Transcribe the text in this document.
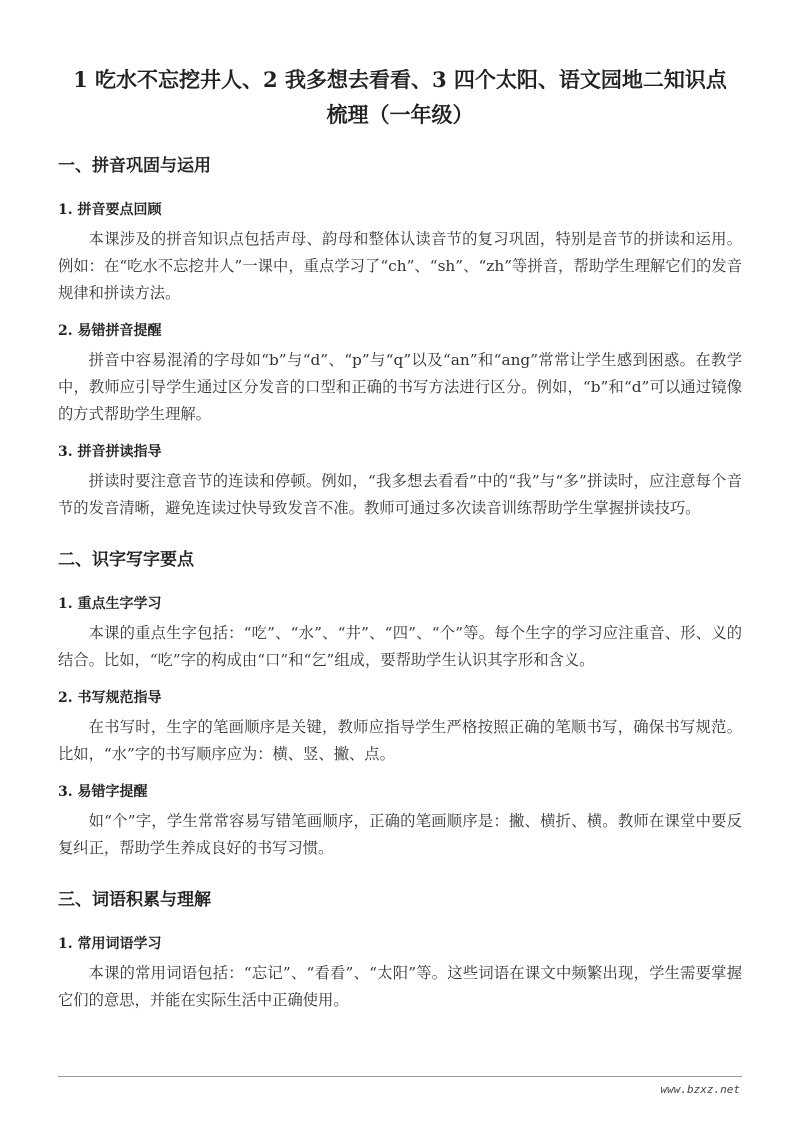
1 吃水不忘挖井人、2 我多想去看看、3 四个太阳、语文园地二知识点
梳理（一年级）
一、拼音巩固与运用
1. 拼音要点回顾
本课涉及的拼音知识点包括声母、韵母和整体认读音节的复习巩固，特别是音节的拼读和运用。例如：在“吃水不忘挖井人”一课中，重点学习了“ch”、“sh”、“zh”等拼音，帮助学生理解它们的发音规律和拼读方法。
2. 易错拼音提醒
拼音中容易混淆的字母如“b”与“d”、“p”与“q”以及“an”和“ang”常常让学生感到困惑。在教学中，教师应引导学生通过区分发音的口型和正确的书写方法进行区分。例如，“b”和“d”可以通过镜像的方式帮助学生理解。
3. 拼音拼读指导
拼读时要注意音节的连读和停顿。例如，“我多想去看看”中的“我”与“多”拼读时，应注意每个音节的发音清晰，避免连读过快导致发音不准。教师可通过多次读音训练帮助学生掌握拼读技巧。
二、识字写字要点
1. 重点生字学习
本课的重点生字包括：“吃”、“水”、“井”、“四”、“个”等。每个生字的学习应注重音、形、义的结合。比如，“吃”字的构成由“口”和“乞”组成，要帮助学生认识其字形和含义。
2. 书写规范指导
在书写时，生字的笔画顺序是关键，教师应指导学生严格按照正确的笔顺书写，确保书写规范。比如，“水”字的书写顺序应为：横、竖、撇、点。
3. 易错字提醒
如“个”字，学生常常容易写错笔画顺序，正确的笔画顺序是：撇、横折、横。教师在课堂中要反复纠正，帮助学生养成良好的书写习惯。
三、词语积累与理解
1. 常用词语学习
本课的常用词语包括：“忘记”、“看看”、“太阳”等。这些词语在课文中频繁出现，学生需要掌握它们的意思，并能在实际生活中正确使用。
www.bzxz.net
